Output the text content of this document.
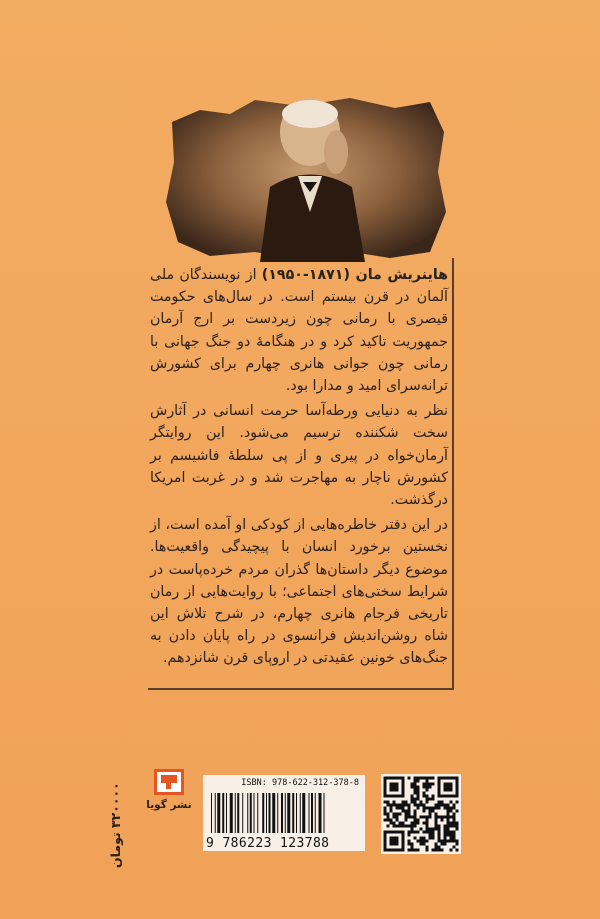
هاینریش مان (۱۸۷۱-۱۹۵۰) از نویسندگان ملی آلمان در قرن بیستم است. در سال‌های حکومت قیصری با رمانی چون زیردست بر ارج آرمان جمهوریت تاکید کرد و در هنگامهٔ دو جنگ جهانی با رمانی چون جوانی هانری چهارم برای کشورش ترانه‌سرای امید و مدارا بود.

نظر به دنیایی ورطه‌آسا حرمت انسانی در آثارش سخت شکننده ترسیم می‌شود. این روایتگر آرمان‌خواه در پیری و از پی سلطهٔ فاشیسم بر کشورش ناچار به مهاجرت شد و در غربت امریکا درگذشت.

در این دفتر خاطره‌هایی از کودکی او آمده است، از نخستین برخورد انسان با پیچیدگی واقعیت‌ها. موضوع دیگر داستان‌ها گذران مردم خرده‌پاست در شرایط سختی‌های اجتماعی؛ با روایت‌هایی از رمان تاریخی فرجام هانری چهارم، در شرح تلاش این شاه روشن‌اندیش فرانسوی در راه پایان دادن به جنگ‌های خونین عقیدتی در اروپای قرن شانزدهم.

نشر گویا
۳۲۰۰۰۰ تومان	ISBN: 978-622-312-378-8
9 786223 123788
